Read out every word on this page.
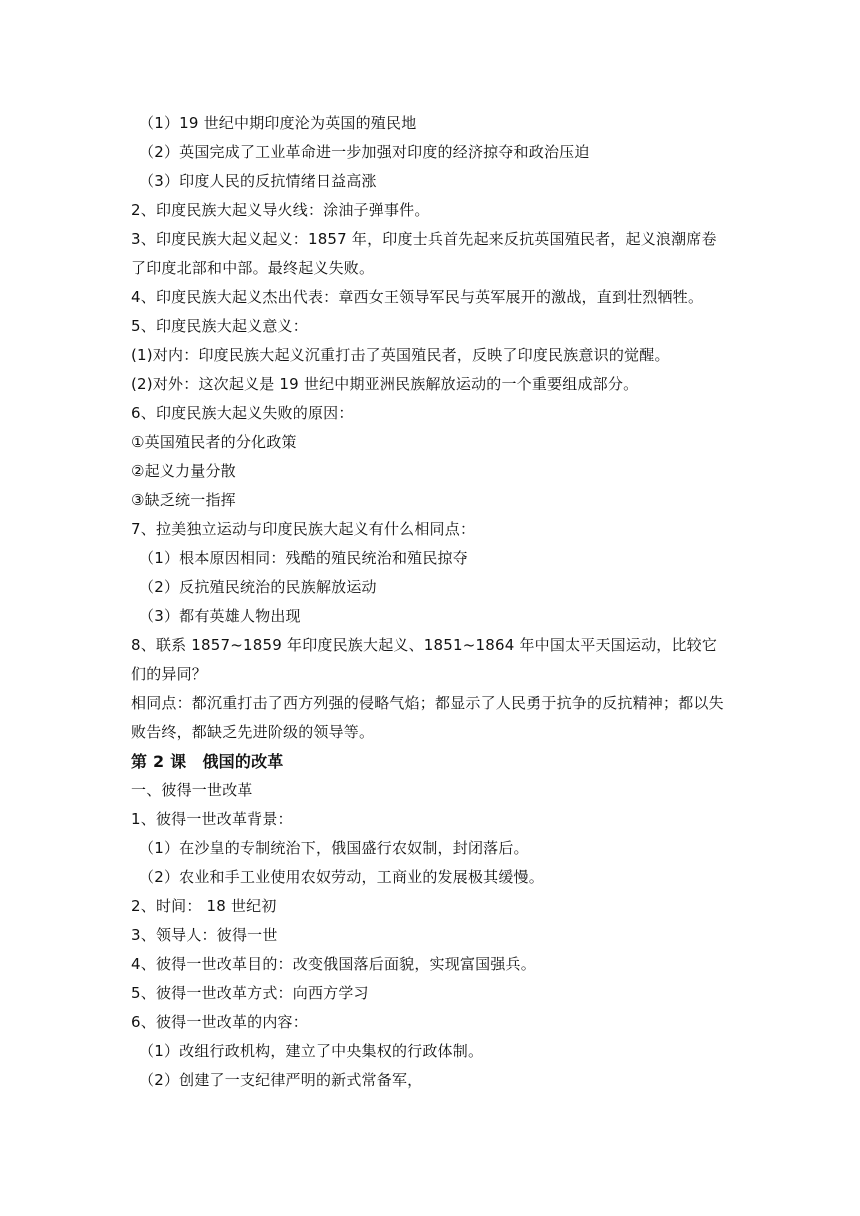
（1）19 世纪中期印度沦为英国的殖民地
（2）英国完成了工业革命进一步加强对印度的经济掠夺和政治压迫
（3）印度人民的反抗情绪日益高涨
2、印度民族大起义导火线：涂油子弹事件。
3、印度民族大起义起义：1857 年，印度士兵首先起来反抗英国殖民者，起义浪潮席卷了印度北部和中部。最终起义失败。
4、印度民族大起义杰出代表：章西女王领导军民与英军展开的激战，直到壮烈牺牲。
5、印度民族大起义意义：
(1)对内：印度民族大起义沉重打击了英国殖民者，反映了印度民族意识的觉醒。
(2)对外：这次起义是 19 世纪中期亚洲民族解放运动的一个重要组成部分。
6、印度民族大起义失败的原因：
①英国殖民者的分化政策
②起义力量分散
③缺乏统一指挥
7、拉美独立运动与印度民族大起义有什么相同点：
（1）根本原因相同：残酷的殖民统治和殖民掠夺
（2）反抗殖民统治的民族解放运动
（3）都有英雄人物出现
8、联系 1857~1859 年印度民族大起义、1851~1864 年中国太平天国运动，比较它们的异同？
相同点：都沉重打击了西方列强的侵略气焰；都显示了人民勇于抗争的反抗精神；都以失败告终，都缺乏先进阶级的领导等。
第 2 课　俄国的改革
一、彼得一世改革
1、彼得一世改革背景：
（1）在沙皇的专制统治下，俄国盛行农奴制，封闭落后。
（2）农业和手工业使用农奴劳动，工商业的发展极其缓慢。
2、时间： 18 世纪初
3、领导人：彼得一世
4、彼得一世改革目的：改变俄国落后面貌，实现富国强兵。
5、彼得一世改革方式：向西方学习
6、彼得一世改革的内容：
（1）改组行政机构，建立了中央集权的行政体制。
（2）创建了一支纪律严明的新式常备军，
